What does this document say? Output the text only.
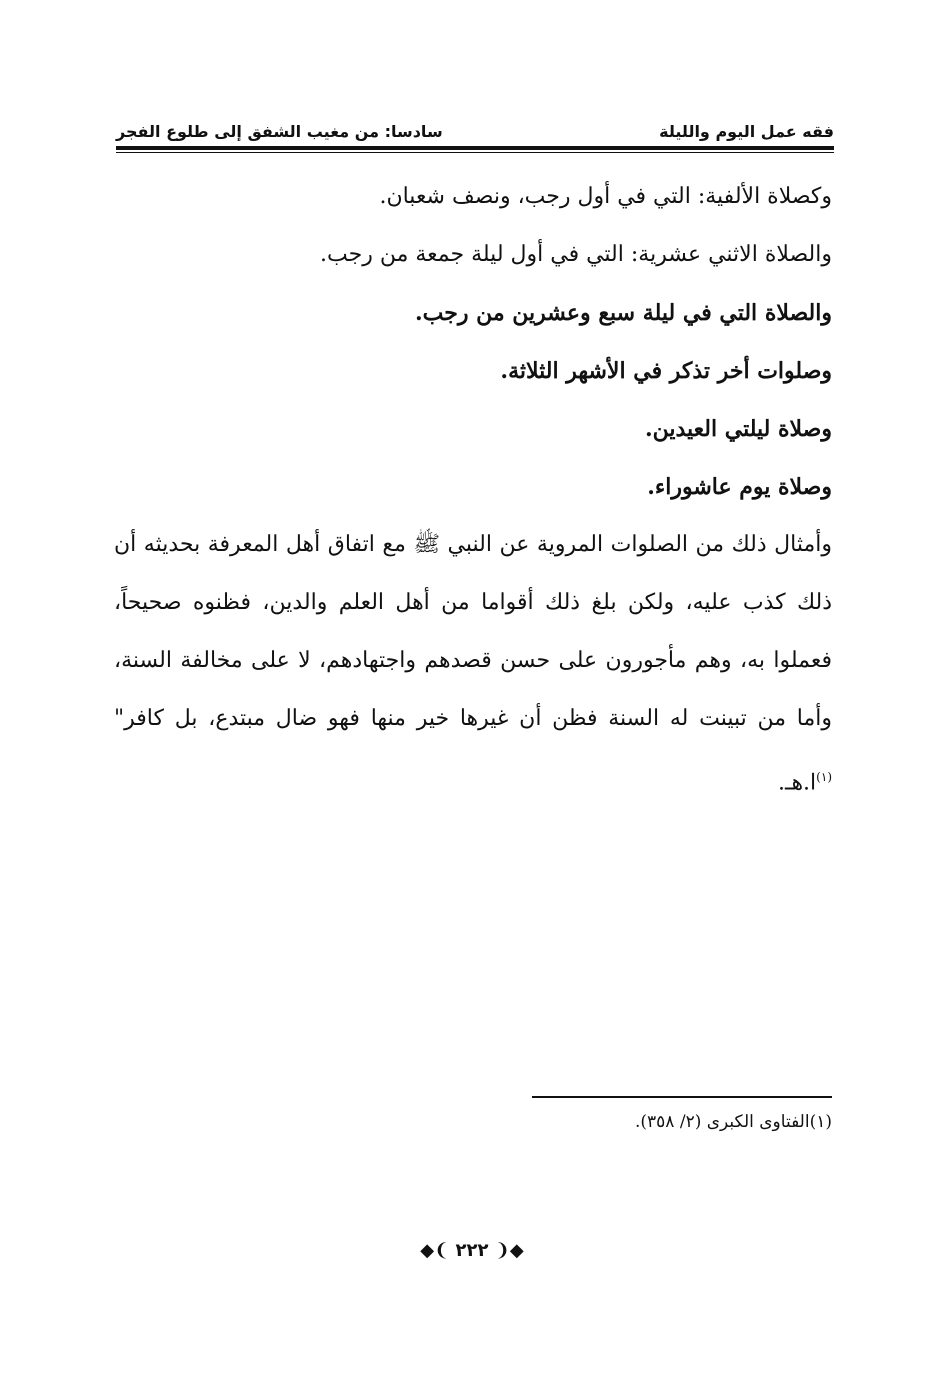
فقه عمل اليوم والليلة
سادسا: من مغيب الشفق إلى طلوع الفجر

وكصلاة الألفية: التي في أول رجب، ونصف شعبان.

والصلاة الاثني عشرية: التي في أول ليلة جمعة من رجب.

والصلاة التي في ليلة سبع وعشرين من رجب.

وصلوات أخر تذكر في الأشهر الثلاثة.

وصلاة ليلتي العيدين.

وصلاة يوم عاشوراء.

وأمثال ذلك من الصلوات المروية عن النبي ﷺ مع اتفاق أهل المعرفة بحديثه أن ذلك كذب عليه، ولكن بلغ ذلك أقواما من أهل العلم والدين، فظنوه صحيحاً، فعملوا به، وهم مأجورون على حسن قصدهم واجتهادهم، لا على مخالفة السنة، وأما من تبينت له السنة فظن أن غيرها خير منها فهو ضال مبتدع، بل كافر"$^{(١)}$ا.هـ.

(١)الفتاوى الكبرى (٢/ ٣٥٨).
◆❨ ٢٢٢ ❩◆
